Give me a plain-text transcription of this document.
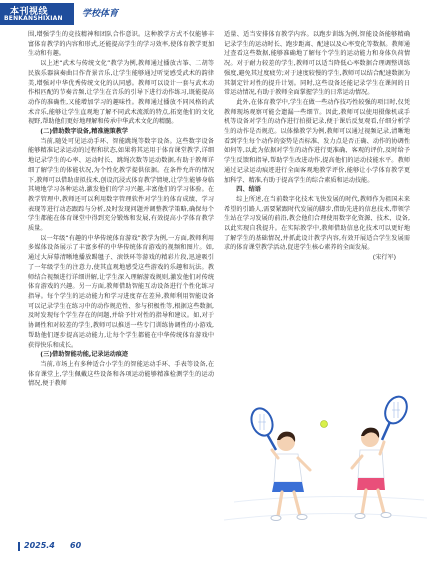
本刊视线
BENKANSHIXIAN 学校体育

围,增强学生的竞技精神和团队合作意识。这种教学方式不仅能够丰富体育教学的内容和形式,还能提高学生的学习效率,使体育教学更加生动和有趣。

以上述“武术与传统文化”教学为例,教师通过播放古筝、二胡等民族乐器演奏曲目作背景音乐,让学生能够通过听觉感受武术的韵律美,增强对中华优秀传统文化的认同感。教师可以设计一套与武术动作相匹配的节奏音频,让学生在音乐的引导下进行动作练习,既能提高动作的准确性,又能增加学习的趣味性。教师通过播放不同风格的武术音乐,能够让学生直观地了解不同武术流派的特点,拓宽他们的文化视野,帮助他们更好地理解和传承中华武术文化的精髓。

(二)借助数字设备,精准施策教学

当前,随处可见运动手环、智能跳绳等数字设备。这些数字设备能够精准记录运动的过程和状态,如果将其运用于体育课堂教学,详细地记录学生的心率、运动时长、跳绳次数等运动数据,有助于教师详细了解学生的体能状况,为个性化教学提供依据。在条件允许的情况下,教师可以借助虚拟技术,创设沉浸式体育教学情境,让学生能够身临其境地学习各种运动,激发他们的学习兴趣,丰富他们的学习体验。在教学管理中,教师还可以利用数字管理软件对学生的体育成绩、学习表现等进行动态跟踪与分析,及时发现问题并调整教学策略,确保每个学生都能在体育课堂中得到充分锻炼和发展,有效提高小学体育教学质量。

以一年级“有趣的中华传统体育游戏”教学为例,一方面,教师利用多媒体设备展示了丰富多样的中华传统体育游戏的视频和图片。如,通过大屏幕清晰地播放踢毽子、滚铁环等游戏的精彩片段,迅速吸引了一年级学生的注意力,使其直观地感受这些游戏的乐趣和玩法。教师结合视频进行详细讲解,让学生深入理解游戏规则,激发他们对传统体育游戏的兴趣。另一方面,教师借助智能互动设备进行个性化练习指导。每个学生的运动能力和学习进度存在差异,教师利用智能设备可以记录学生在练习中的动作规范性、参与积极性等,根据这些数据,及时发现每个学生存在的问题,并给予针对性的指导和建议。如,对于协调性和对较差的学生,教师可以推送一些专门训练协调性的小游戏,帮助他们逐步提高运动能力,让每个学生都能在中华传统体育游戏中获得快乐和成长。

(三)借助智能功能,记录运动痕迹

当前,市场上有多种适合小学生的智能运动手环、手表等设备,在体育课堂上,学生佩戴这些设备和各项运动能够精准检测学生的运动情况,便于教师

适量、适当安排体育教学内容。以跑步训练为例,智能设备能够精确记录学生的运动时长、跑步距离、配速以及心率变化等数据。教师通过查看这些数据,能够准确地了解每个学生的运动能力和身体负荷情况。对于耐力较差的学生,教师可以适当降低心率数据合理调整训练强度,避免其过度疲劳;对于速度较慢的学生,教师可以结合配速数据为其制定针对性的提升计划。同时,这些设备还能记录学生在课间的日常运动情况,有助于教师全面掌握学生的日常运动情况。

此外,在体育教学中,学生在做一些动作技巧性较强的项目时,仅凭教师现场观察可能会遗漏一些细节。因此,教师可以使用摄像机或手机等设备对学生的动作进行拍摄记录,便于课后反复观看,仔细分析学生的动作是否规范。以体操教学为例,教师可以通过视频记录,清晰地看到学生每个动作的姿势是否标准、发力点是否正确、动作的协调性如何等,以此为依据对学生的动作进行更准确、客观的评价,及时给予学生反馈和指导,帮助学生改进动作,提高他们的运动技能水平。教师通过记录运动痕迹进行全面客观地教学评价,能够让小学体育教学更加科学、精准,有助于提高学生的综合素质和运动技能。

四、结语

综上所述,在当前数字化技术飞快发展的时代,教师作为祖国未来希望的引路人,需要紧跟时代发展的脚步,借助先进的信息技术,带领学生站在学习发展的前沿,教会他们合理使用数字化资源、技术、设备,以此实现自我提升。在实际教学中,教师借助信息化技术可以更好地了解学生的基础情况,并抓此设计教学内容,有效开展适合学生发展需求的体育课堂教学活动,促进学生核心素养的全面发展。

(宋行军)

2025.4 60
